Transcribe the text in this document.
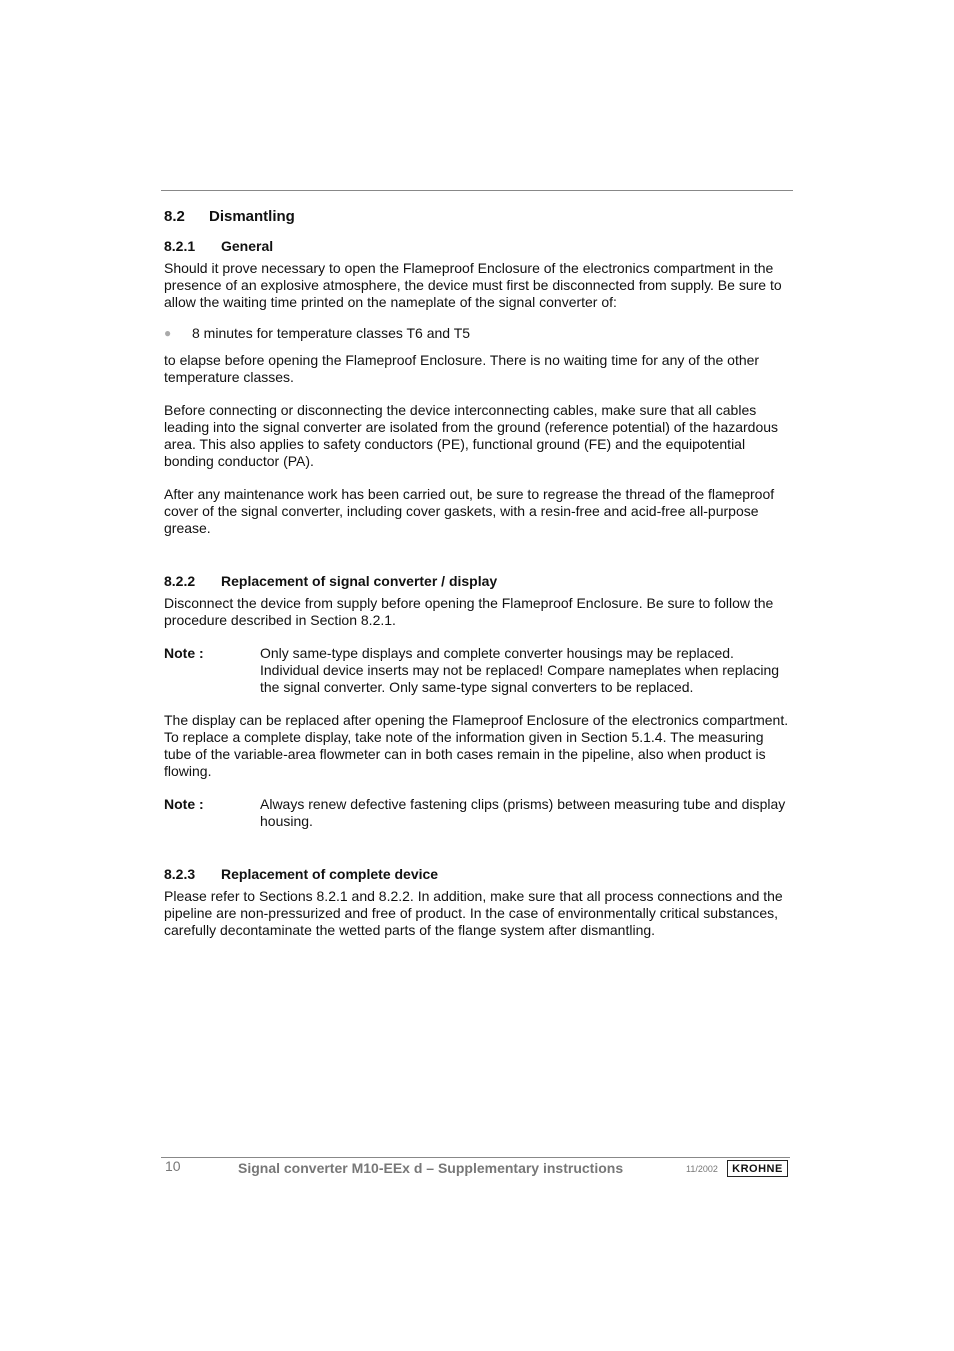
8.2	Dismantling
8.2.1	General

Should it prove necessary to open the Flameproof Enclosure of the electronics compartment in the presence of an explosive atmosphere, the device must first be disconnected from supply. Be sure to allow the waiting time printed on the nameplate of the signal converter of:

●	8 minutes for temperature classes T6 and T5

to elapse before opening the Flameproof Enclosure. There is no waiting time for any of the other temperature classes.

Before connecting or disconnecting the device interconnecting cables, make sure that all cables leading into the signal converter are isolated from the ground (reference potential) of the hazardous area. This also applies to safety conductors (PE), functional ground (FE) and the equipotential bonding conductor (PA).

After any maintenance work has been carried out, be sure to regrease the thread of the flameproof cover of the signal converter, including cover gaskets, with a resin-free and acid-free all-purpose grease.

8.2.2	Replacement of signal converter / display

Disconnect the device from supply before opening the Flameproof Enclosure. Be sure to follow the procedure described in Section 8.2.1.

Note :	Only same-type displays and complete converter housings may be replaced. Individual device inserts may not be replaced! Compare nameplates when replacing the signal converter. Only same-type signal converters to be replaced.

The display can be replaced after opening the Flameproof Enclosure of the electronics compartment. To replace a complete display, take note of the information given in Section 5.1.4. The measuring tube of the variable-area flowmeter can in both cases remain in the pipeline, also when product is flowing.

Note :	Always renew defective fastening clips (prisms) between measuring tube and display housing.
8.2.3	Replacement of complete device

Please refer to Sections 8.2.1 and 8.2.2. In addition, make sure that all process connections and the pipeline are non-pressurized and free of product. In the case of environmentally critical substances, carefully decontaminate the wetted parts of the flange system after dismantling.

10	Signal converter M10-EEx d – Supplementary instructions	11/2002 KROHNE
